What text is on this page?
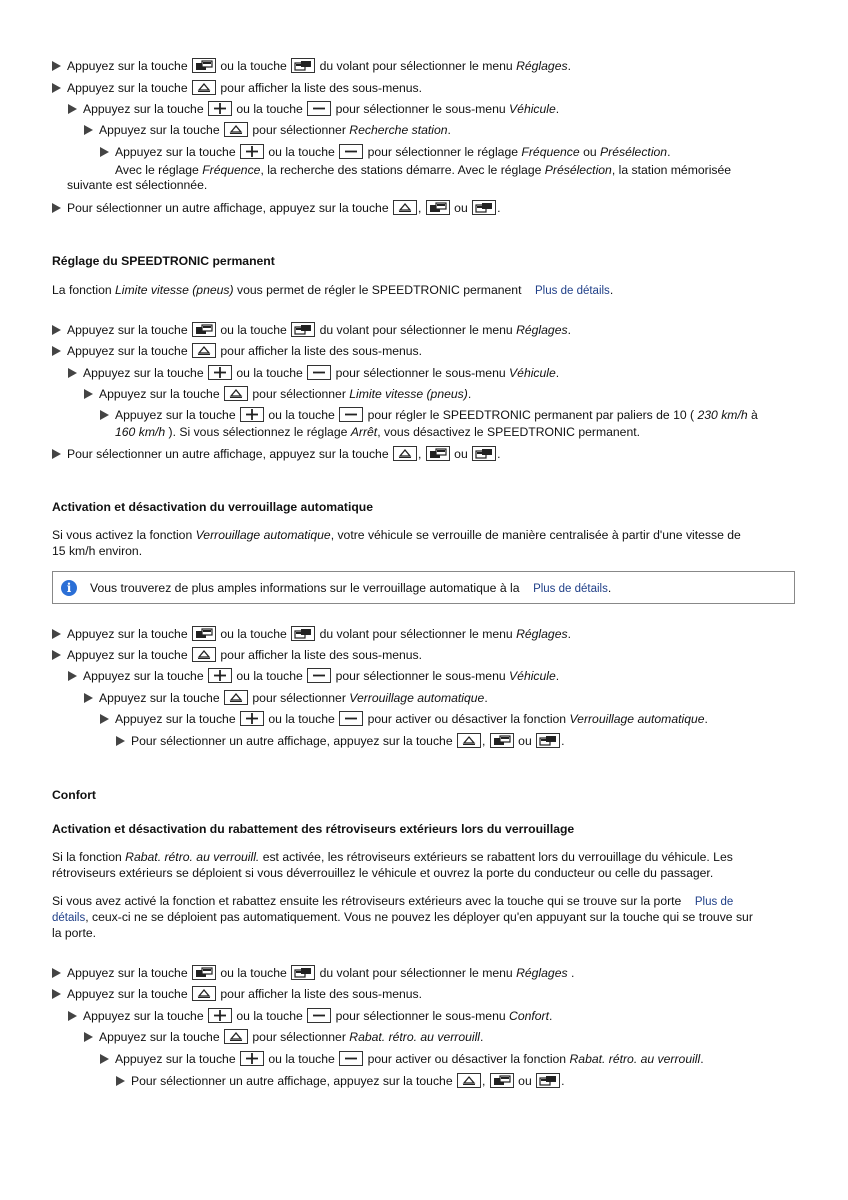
Appuyez sur la touche	ou la touche	du volant pour sélectionner le menu Réglages.
Appuyez sur la touche	pour afficher la liste des sous-menus.
Appuyez sur la touche	ou la touche	pour sélectionner le sous-menu Véhicule.
Appuyez sur la touche	pour sélectionner Recherche station.
Appuyez sur la touche	ou la touche	pour sélectionner le réglage Fréquence ou Présélection.
Avec le réglage Fréquence, la recherche des stations démarre. Avec le réglage Présélection, la station mémorisée
suivante est sélectionnée.
Pour sélectionner un autre affichage, appuyez sur la touche ,	ou .
Réglage du SPEEDTRONIC permanent
La fonction Limite vitesse (pneus) vous permet de régler le SPEEDTRONIC permanent Plus de détails.
Appuyez sur la touche	ou la touche	du volant pour sélectionner le menu Réglages.
Appuyez sur la touche	pour afficher la liste des sous-menus.
Appuyez sur la touche	ou la touche	pour sélectionner le sous-menu Véhicule.
Appuyez sur la touche	pour sélectionner Limite vitesse (pneus).
Appuyez sur la touche	ou la touche	pour régler le SPEEDTRONIC permanent par paliers de 10 ( 230 km/h à
160 km/h ). Si vous sélectionnez le réglage Arrêt, vous désactivez le SPEEDTRONIC permanent.
Pour sélectionner un autre affichage, appuyez sur la touche ,	ou .
Activation et désactivation du verrouillage automatique
Si vous activez la fonction Verrouillage automatique, votre véhicule se verrouille de manière centralisée à partir d'une vitesse de
15 km/h environ.
i	Vous trouverez de plus amples informations sur le verrouillage automatique à la Plus de détails.
Appuyez sur la touche	ou la touche	du volant pour sélectionner le menu Réglages.
Appuyez sur la touche	pour afficher la liste des sous-menus.
Appuyez sur la touche	ou la touche	pour sélectionner le sous-menu Véhicule.
Appuyez sur la touche	pour sélectionner Verrouillage automatique.
Appuyez sur la touche	ou la touche	pour activer ou désactiver la fonction Verrouillage automatique.
Pour sélectionner un autre affichage, appuyez sur la touche ,	ou .
Confort
Activation et désactivation du rabattement des rétroviseurs extérieurs lors du verrouillage
Si la fonction Rabat. rétro. au verrouill. est activée, les rétroviseurs extérieurs se rabattent lors du verrouillage du véhicule. Les
rétroviseurs extérieurs se déploient si vous déverrouillez le véhicule et ouvrez la porte du conducteur ou celle du passager.
Si vous avez activé la fonction et rabattez ensuite les rétroviseurs extérieurs avec la touche qui se trouve sur la porte Plus de
détails, ceux-ci ne se déploient pas automatiquement. Vous ne pouvez les déployer qu'en appuyant sur la touche qui se trouve sur
la porte.
Appuyez sur la touche	ou la touche	du volant pour sélectionner le menu Réglages .
Appuyez sur la touche	pour afficher la liste des sous-menus.
Appuyez sur la touche	ou la touche	pour sélectionner le sous-menu Confort.
Appuyez sur la touche	pour sélectionner Rabat. rétro. au verrouill.
Appuyez sur la touche	ou la touche	pour activer ou désactiver la fonction Rabat. rétro. au verrouill.
Pour sélectionner un autre affichage, appuyez sur la touche ,	ou .
